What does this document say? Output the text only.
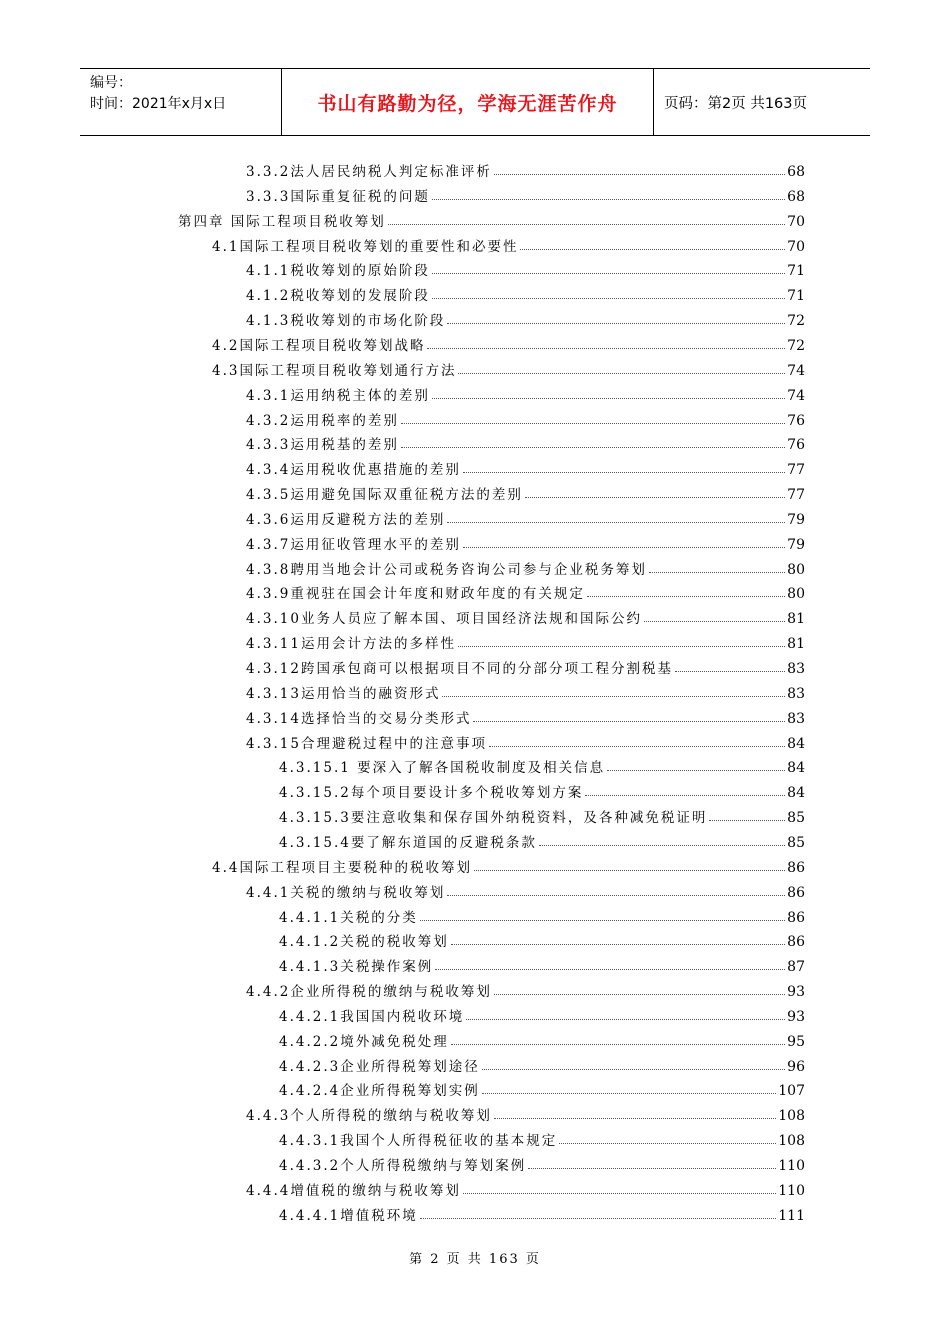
编号：
时间：2021年x月x日	书山有路勤为径，学海无涯苦作舟	页码：第2页 共163页
3.3.2法人居民纳税人判定标准评析	68
3.3.3国际重复征税的问题	68
第四章 国际工程项目税收筹划	70
4.1国际工程项目税收筹划的重要性和必要性	70
4.1.1税收筹划的原始阶段	71
4.1.2税收筹划的发展阶段	71
4.1.3税收筹划的市场化阶段	72
4.2国际工程项目税收筹划战略	72
4.3国际工程项目税收筹划通行方法	74
4.3.1运用纳税主体的差别	74
4.3.2运用税率的差别	76
4.3.3运用税基的差别	76
4.3.4运用税收优惠措施的差别	77
4.3.5运用避免国际双重征税方法的差别	77
4.3.6运用反避税方法的差别	79
4.3.7运用征收管理水平的差别	79
4.3.8聘用当地会计公司或税务咨询公司参与企业税务筹划	80
4.3.9重视驻在国会计年度和财政年度的有关规定	80
4.3.10业务人员应了解本国、项目国经济法规和国际公约	81
4.3.11运用会计方法的多样性	81
4.3.12跨国承包商可以根据项目不同的分部分项工程分割税基	83
4.3.13运用恰当的融资形式	83
4.3.14选择恰当的交易分类形式	83
4.3.15合理避税过程中的注意事项	84
4.3.15.1 要深入了解各国税收制度及相关信息	84
4.3.15.2每个项目要设计多个税收筹划方案	84
4.3.15.3要注意收集和保存国外纳税资料，及各种减免税证明	85
4.3.15.4要了解东道国的反避税条款	85
4.4国际工程项目主要税种的税收筹划	86
4.4.1关税的缴纳与税收筹划	86
4.4.1.1关税的分类	86
4.4.1.2关税的税收筹划	86
4.4.1.3关税操作案例	87
4.4.2企业所得税的缴纳与税收筹划	93
4.4.2.1我国国内税收环境	93
4.4.2.2境外减免税处理	95
4.4.2.3企业所得税筹划途径	96
4.4.2.4企业所得税筹划实例	107
4.4.3个人所得税的缴纳与税收筹划	108
4.4.3.1我国个人所得税征收的基本规定	108
4.4.3.2个人所得税缴纳与筹划案例	110
4.4.4增值税的缴纳与税收筹划	110
4.4.4.1增值税环境	111
第 2 页 共 163 页
